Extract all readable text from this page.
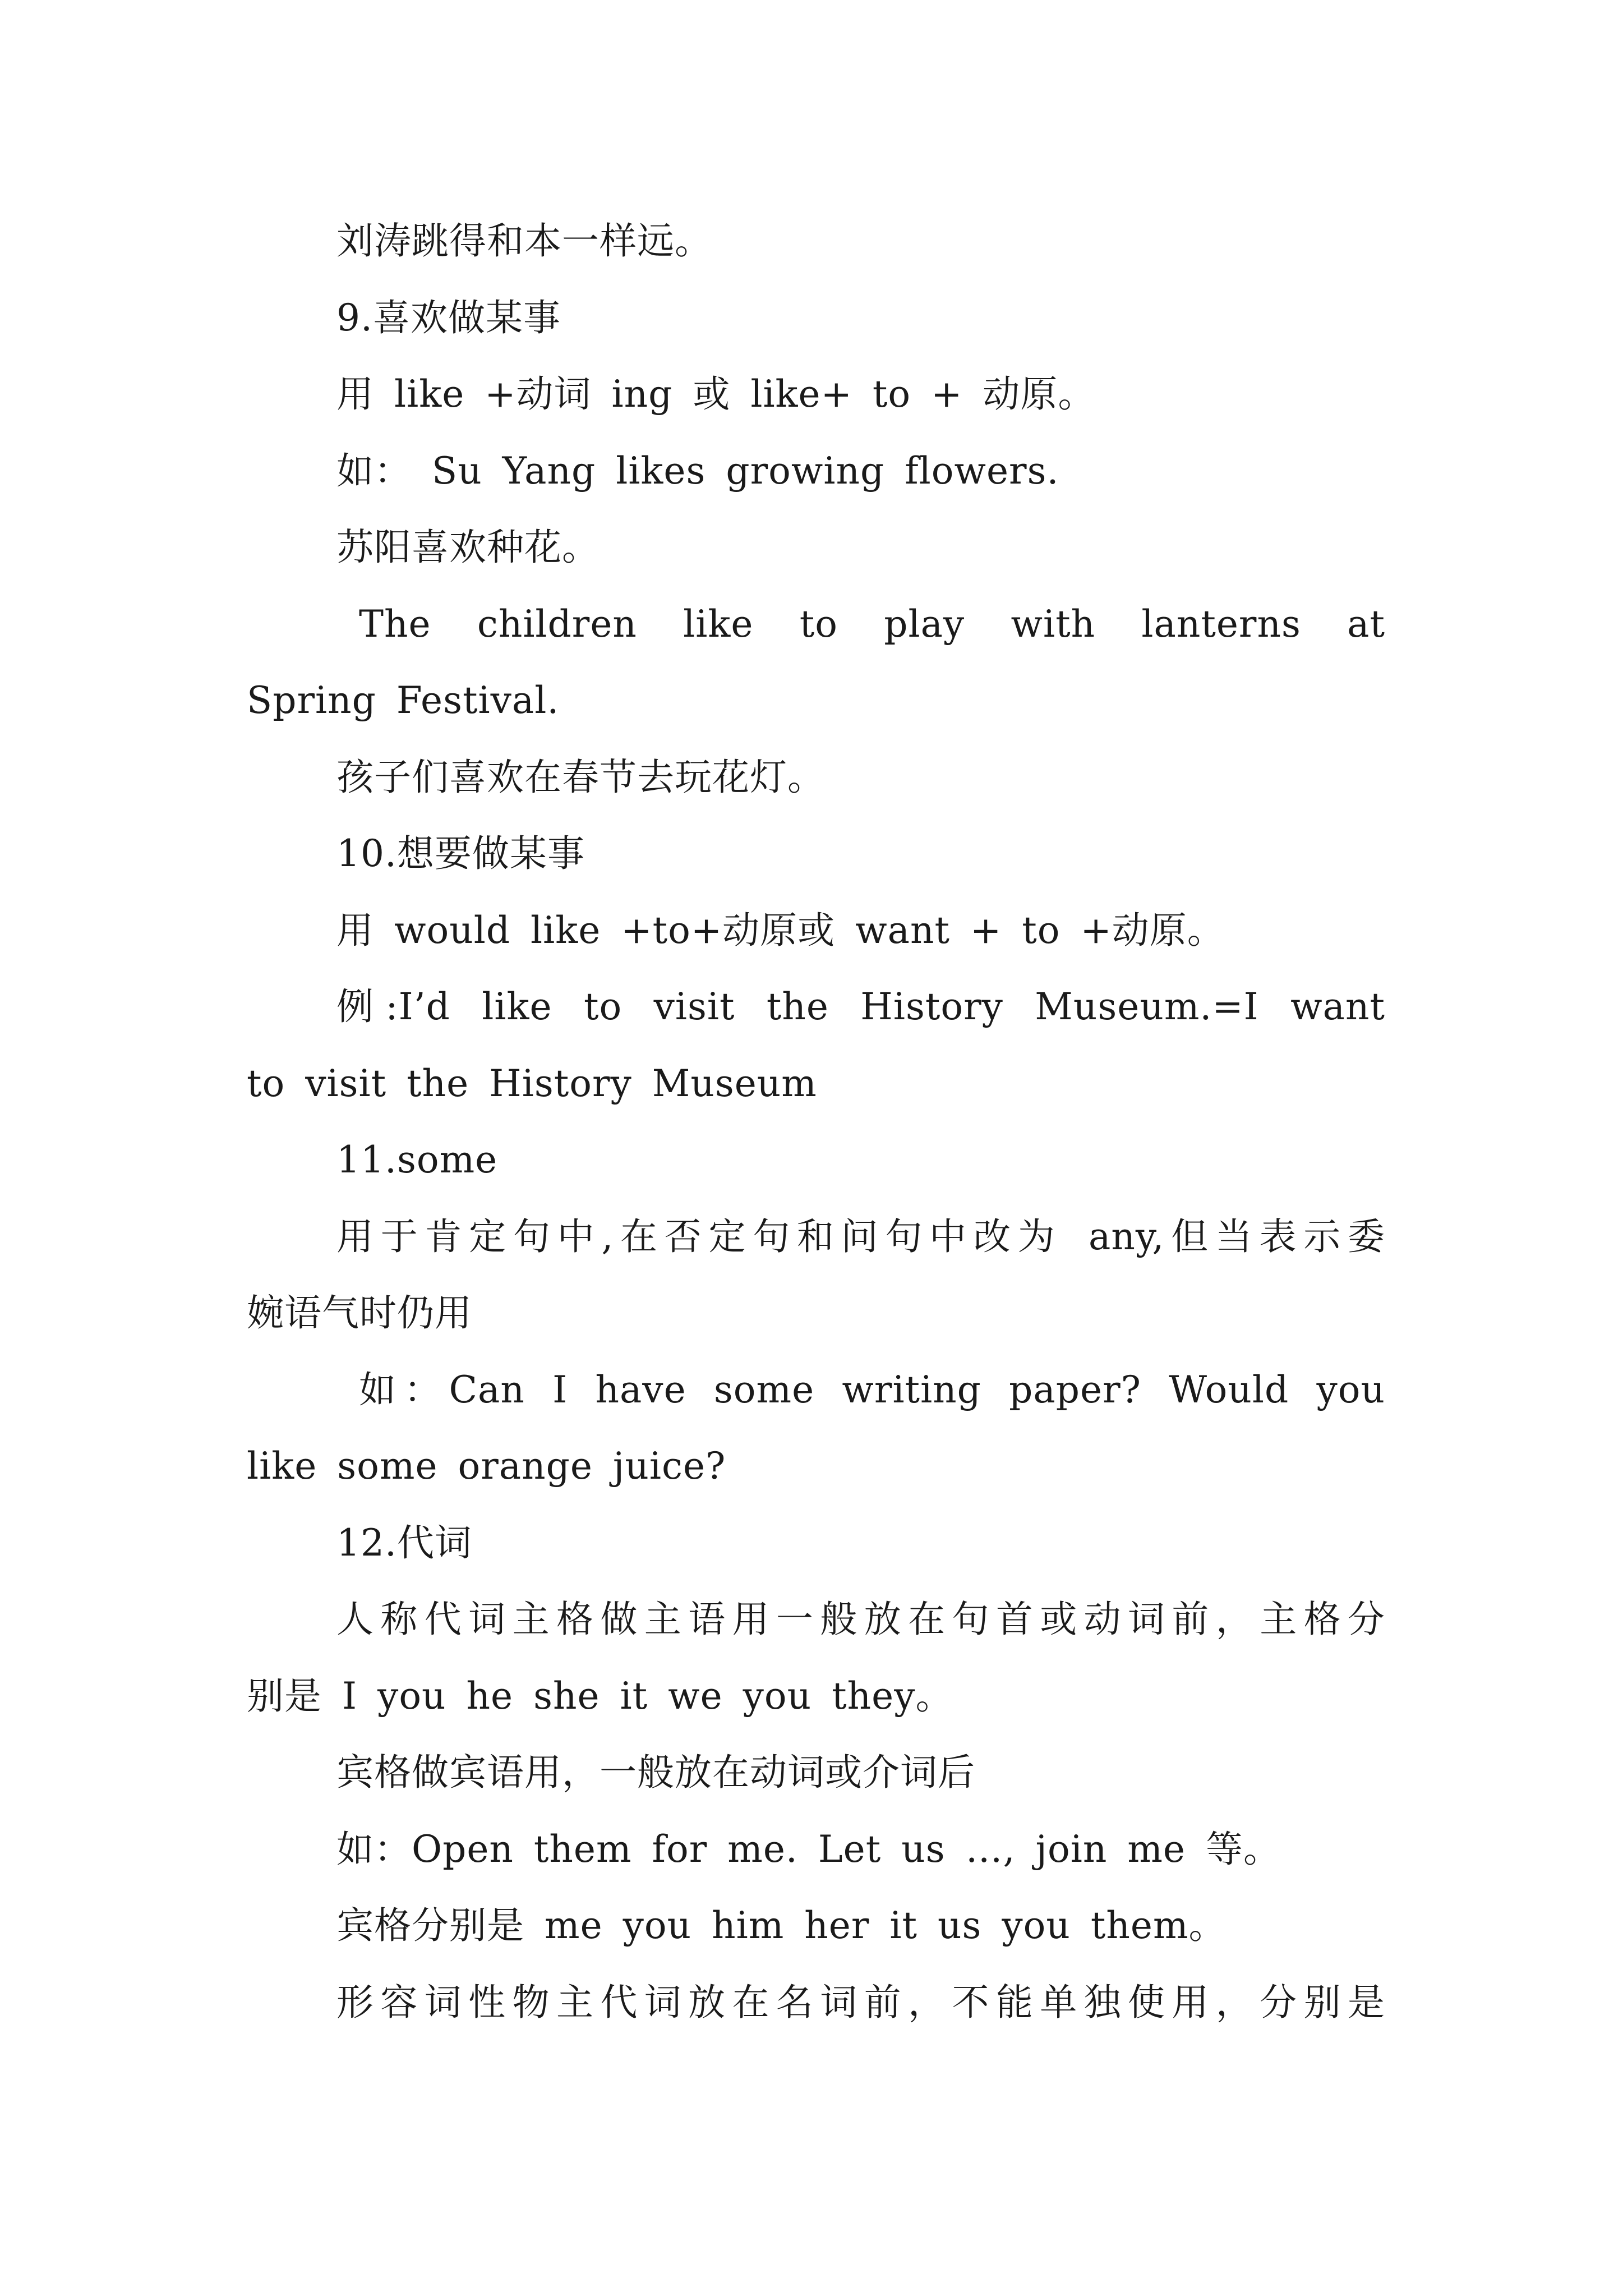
刘涛跳得和本一样远。
9.喜欢做某事
用 like +动词 ing 或 like+ to + 动原。
如： Su Yang likes growing flowers.
苏阳喜欢种花。
The children like to play with lanterns at
Spring Festival.
孩子们喜欢在春节去玩花灯。
10.想要做某事
用 would like +to+动原或 want + to +动原。
例:I’d like to visit the History Museum.=I want
to visit the History Museum
11.some
用于肯定句中,在否定句和问句中改为 any,但当表示委
婉语气时仍用
如：Can I have some writing paper? Would you
like some orange juice?
12.代词
人称代词主格做主语用一般放在句首或动词前，主格分
别是 I you he she it we you they。
宾格做宾语用，一般放在动词或介词后
如：Open them for me. Let us …, join me 等。
宾格分别是 me you him her it us you them。
形容词性物主代词放在名词前，不能单独使用，分别是
